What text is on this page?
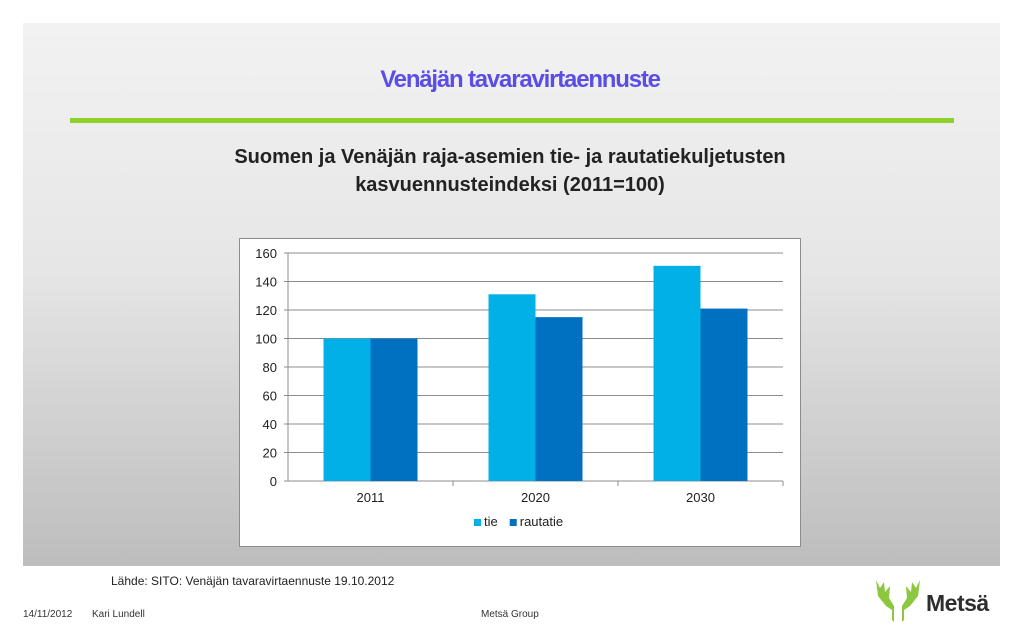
Venäjän tavaravirtaennuste
Suomen ja Venäjän raja-asemien tie- ja rautatiekuljetusten
kasvuennusteindeksi (2011=100)
0
20
40
60
80
100
120
140
160
2011	2020	2030
tie rautatie
Lähde: SITO: Venäjän tavaravirtaennuste 19.10.2012
14/11/2012 Kari Lundell	Metsä Group	Metsä
